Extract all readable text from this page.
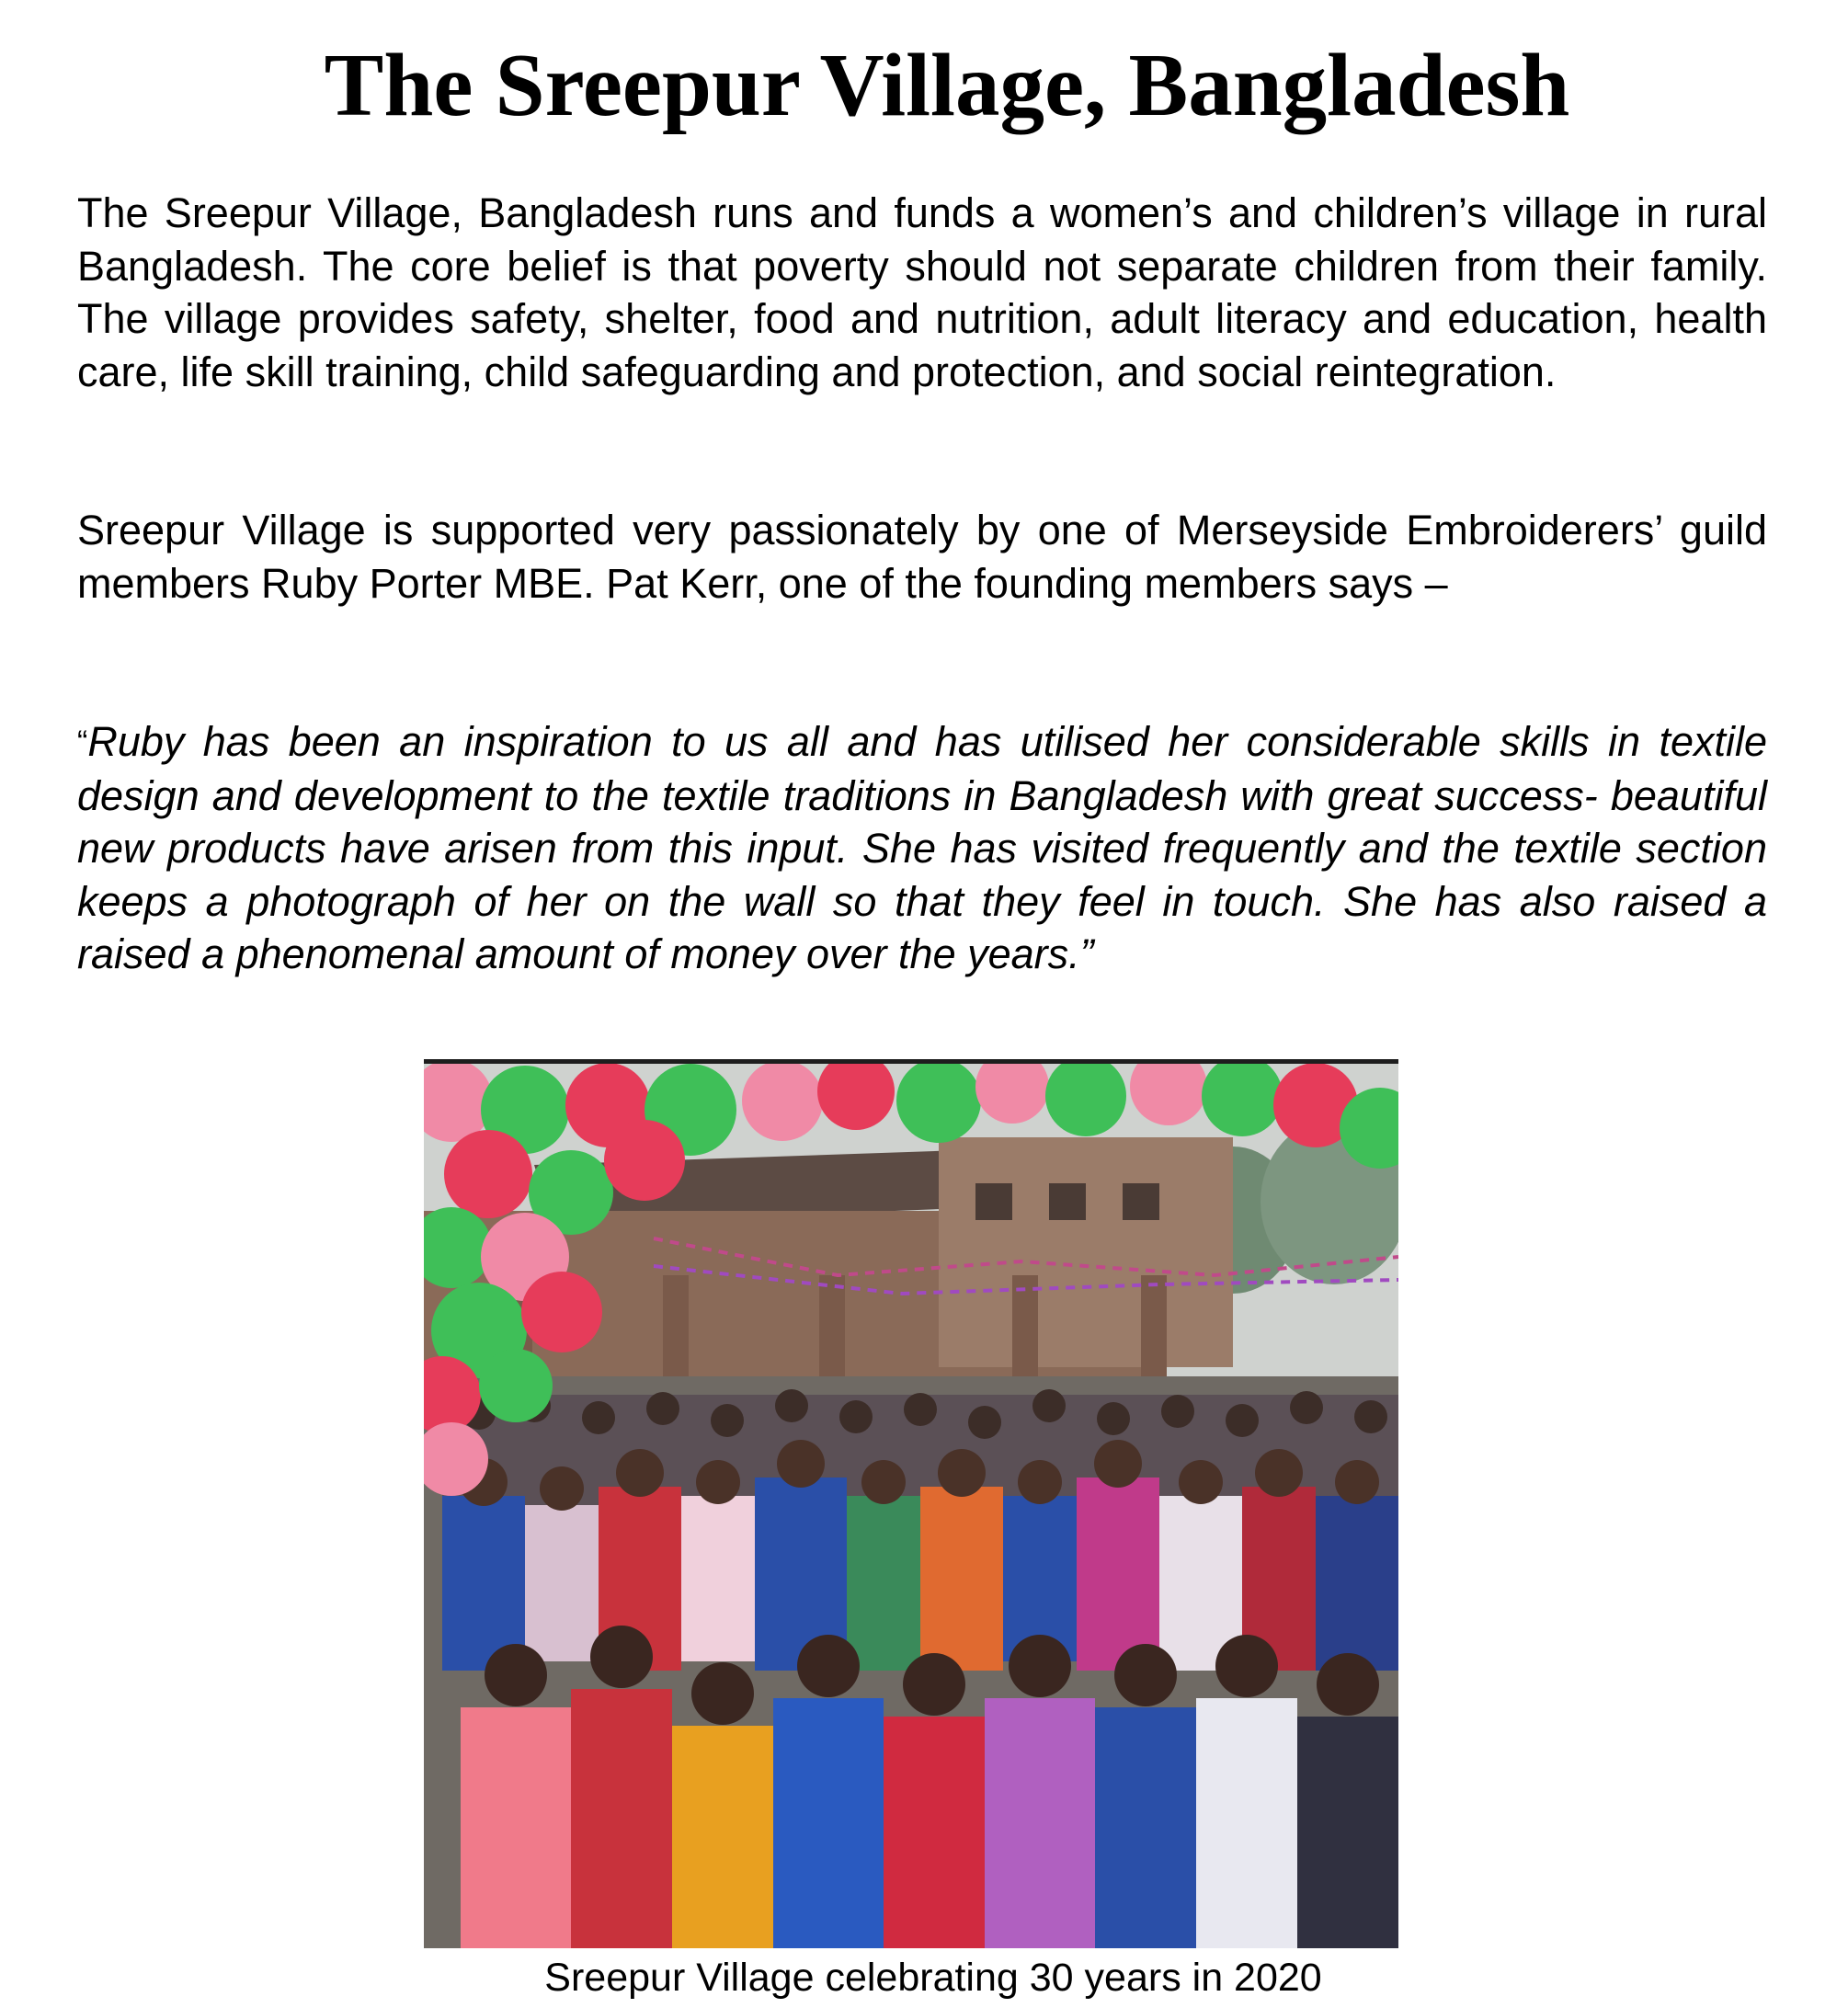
The Sreepur Village, Bangladesh

The Sreepur Village, Bangladesh runs and funds a women’s and children’s village in rural Bangladesh. The core belief is that poverty should not separate children from their family. The village provides safety, shelter, food and nutrition, adult literacy and education, health care, life skill training, child safeguarding and protection, and social reintegration.

Sreepur Village is supported very passionately by one of Merseyside Embroiderers’ guild members Ruby Porter MBE. Pat Kerr, one of the founding members says –

“Ruby has been an inspiration to us all and has utilised her considerable skills in textile design and development to the textile traditions in Bangladesh with great success- beautiful new products have arisen from this input. She has visited frequently and the textile section keeps a photograph of her on the wall so that they feel in touch. She has also raised a raised a phenomenal amount of money over the years.”

Sreepur Village celebrating 30 years in 2020
